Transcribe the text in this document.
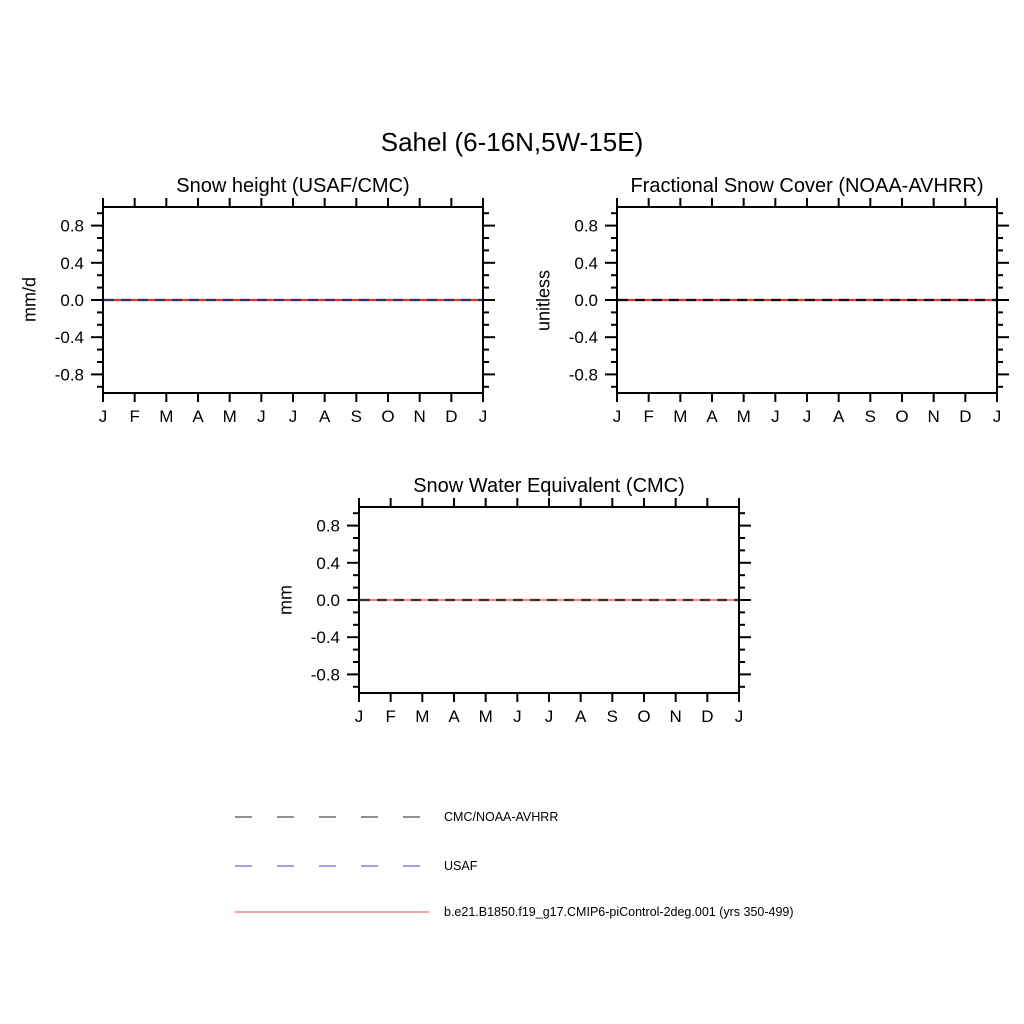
Sahel (6-16N,5W-15E)
Snow height (USAF/CMC)
mm/d
J F M A M J J A S O N D J
0.8
0.4
0.0
-0.4
-0.8
Fractional Snow Cover (NOAA-AVHRR)
unitless
J F M A M J J A S O N D J
0.8
0.4
0.0
-0.4
-0.8
Snow Water Equivalent (CMC)
mm
J F M A M J J A S O N D J
0.8
0.4
0.0
-0.4
-0.8
CMC/NOAA-AVHRR
USAF
b.e21.B1850.f19_g17.CMIP6-piControl-2deg.001 (yrs 350-499)
